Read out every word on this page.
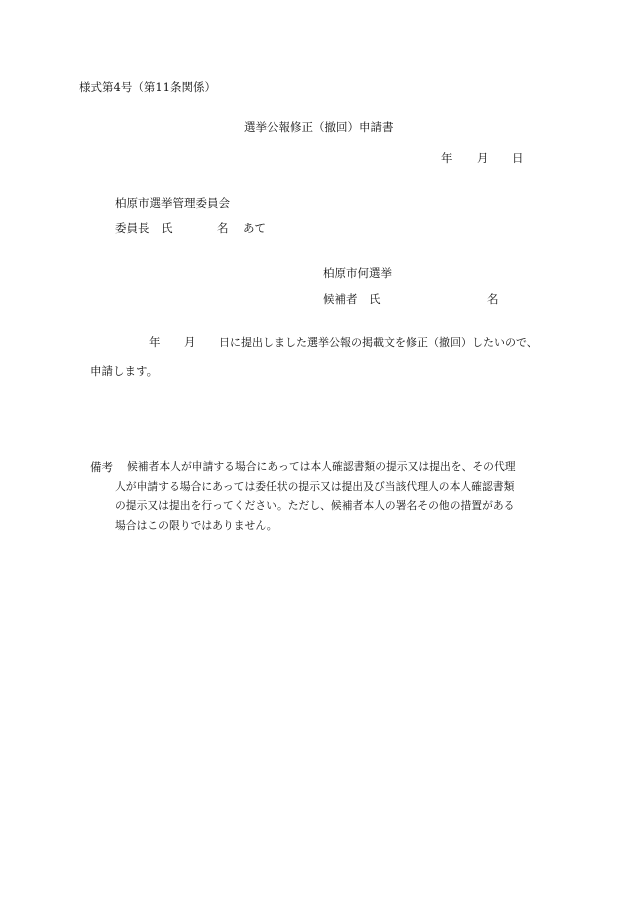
様式第4号（第11条関係）
選挙公報修正（撤回）申請書
年 月 日
柏原市選挙管理委員会
委員長　氏	名 あて
柏原市何選挙
候補者　氏	名
年 月 日に提出しました選挙公報の掲載文を修正（撤回）したいので、
申請します。
備考 候補者本人が申請する場合にあっては本人確認書類の提示又は提出を、その代理
人が申請する場合にあっては委任状の提示又は提出及び当該代理人の本人確認書類
の提示又は提出を行ってください。ただし、候補者本人の署名その他の措置がある
場合はこの限りではありません。
